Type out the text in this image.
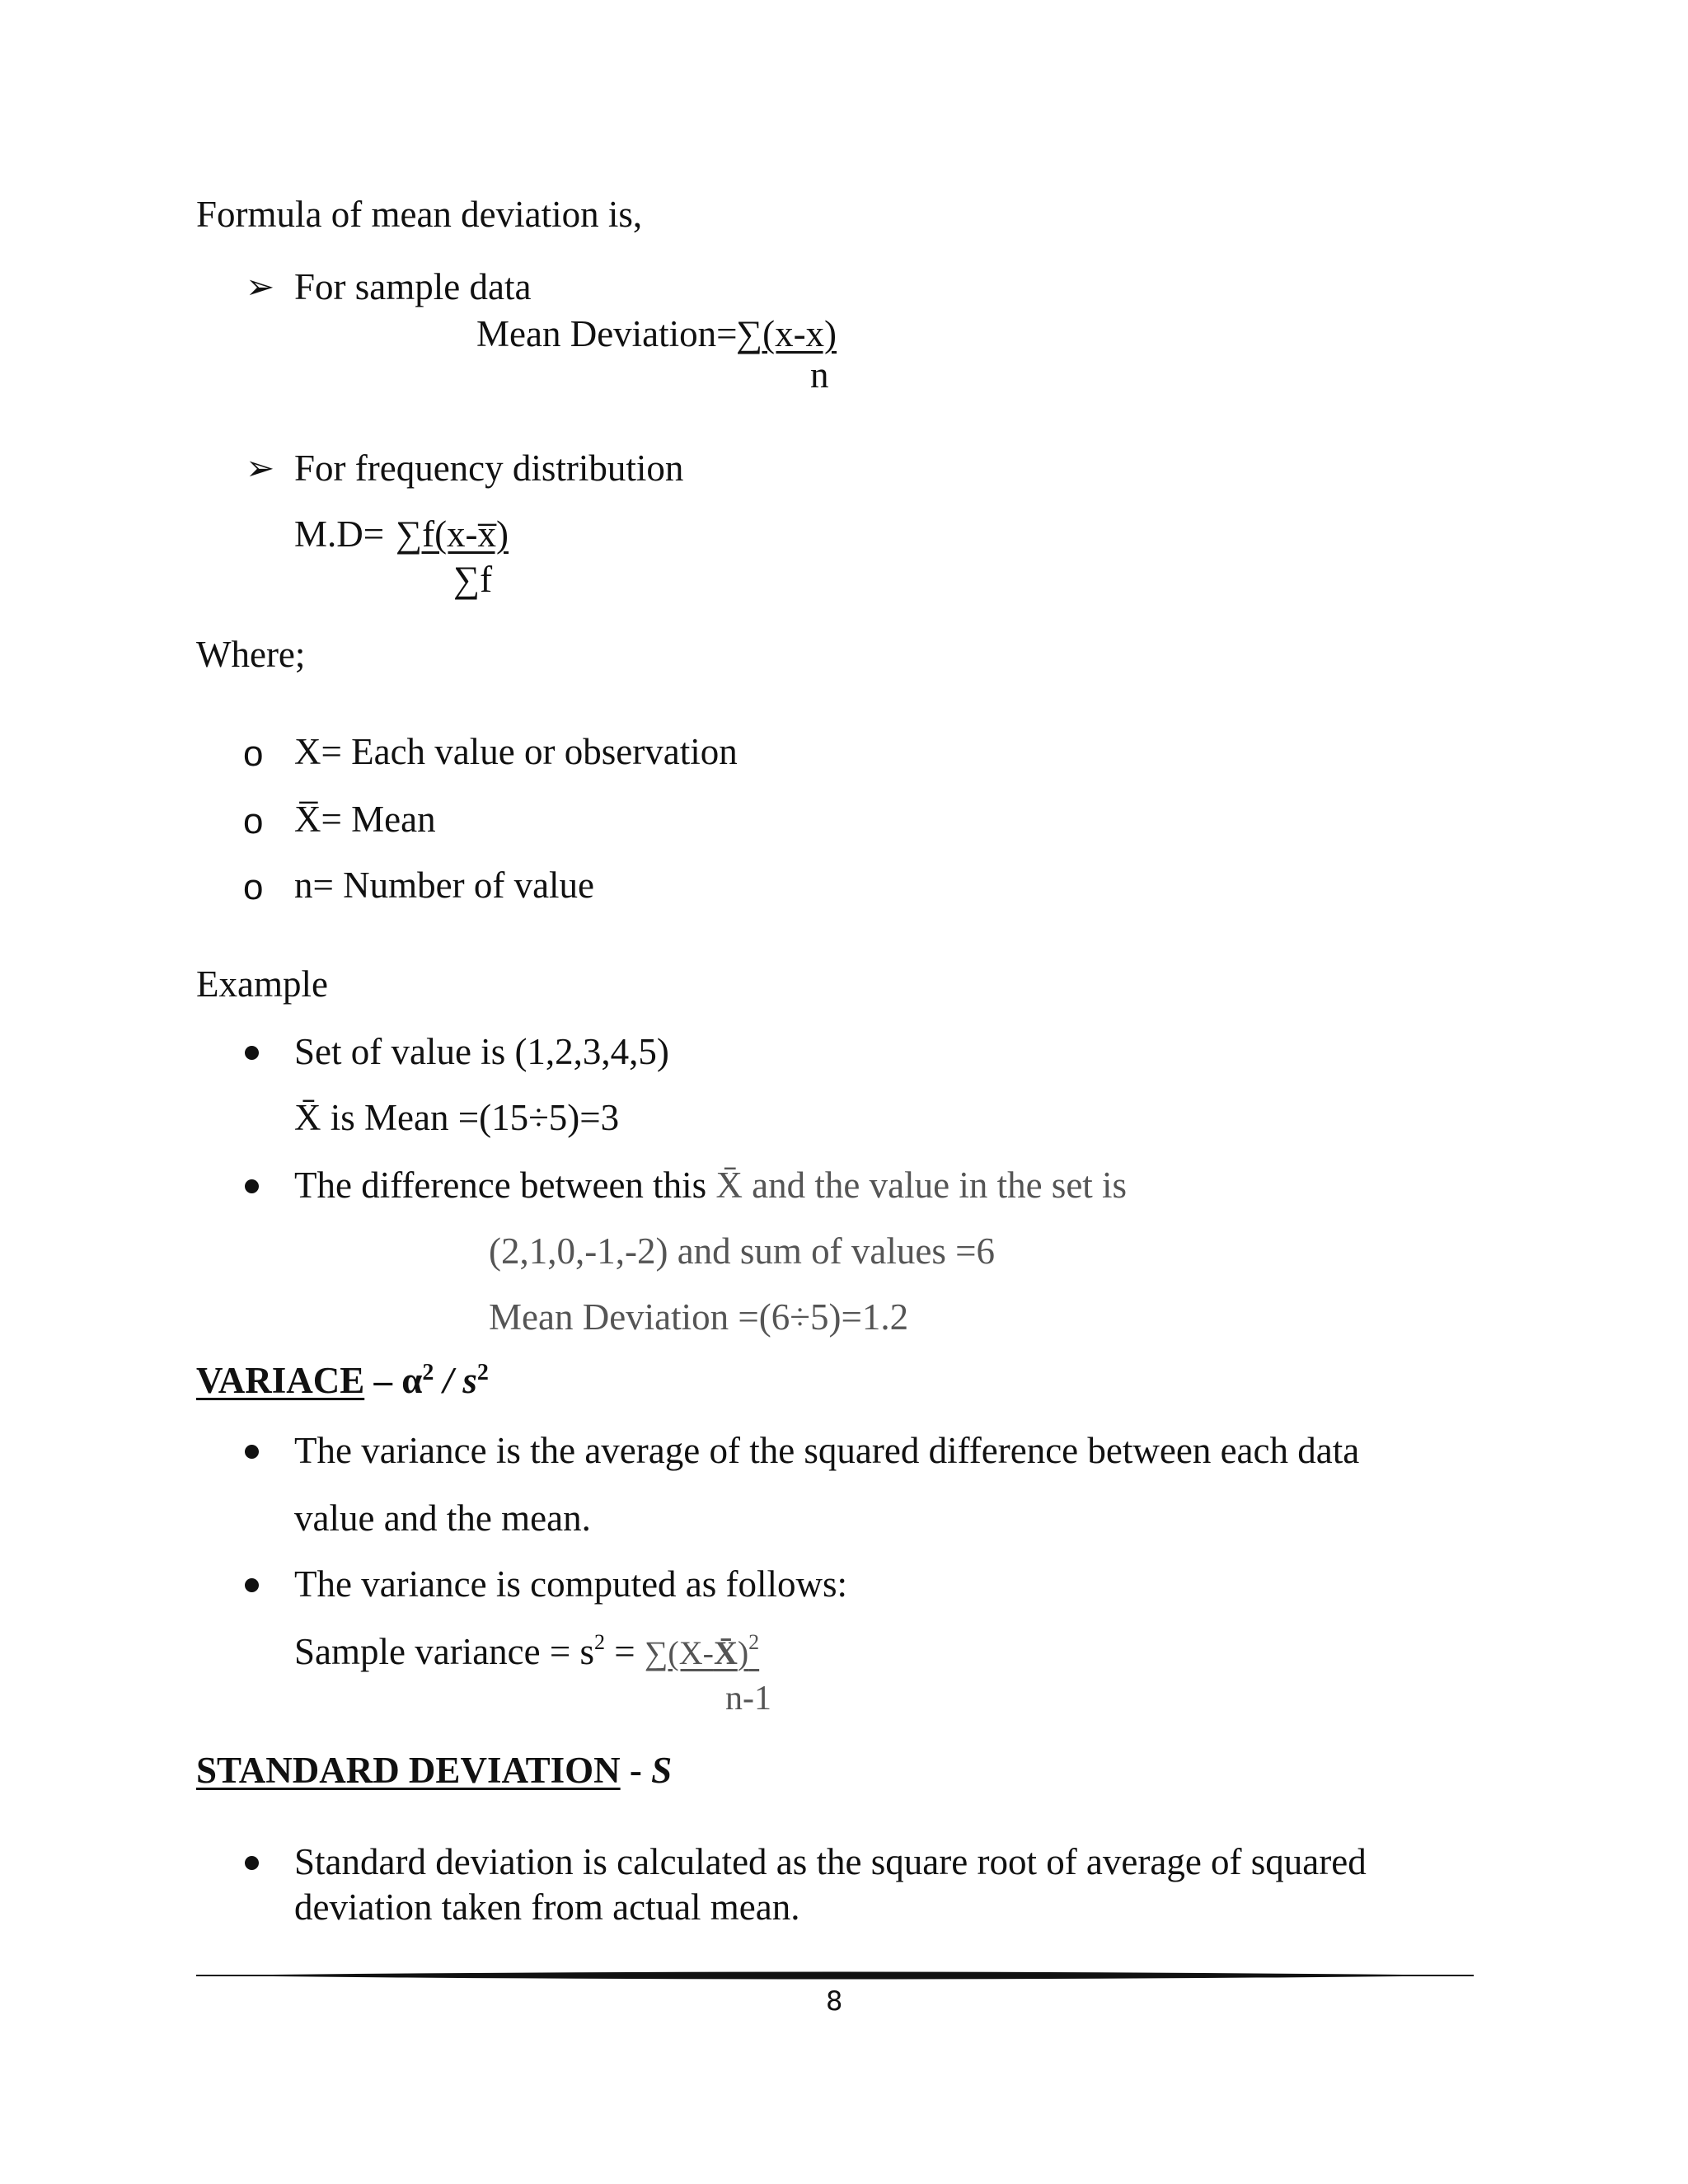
Formula of mean deviation is,
➢ For sample data
Mean Deviation=
∑(x-x)
n
➢ For frequency distribution
M.D= ∑f(x-x̅)
∑f
Where;
o X= Each value or observation
o X̅= Mean
o n= Number of value
Example
Set of value is (1,2,3,4,5)
X̄ is Mean =(15÷5)=3
The difference between this X̄ and the value in the set is
(2,1,0,-1,-2) and sum of values =6
Mean Deviation =(6÷5)=1.2
VARIACE – $\alpha^2 / s^2$
The variance is the average of the squared difference between each data
value and the mean.
The variance is computed as follows:
Sample variance = $s^2$ = ∑(X-X̄)$^2$
n-1
STANDARD DEVIATION - S
Standard deviation is calculated as the square root of average of squared
deviation taken from actual mean.
8
